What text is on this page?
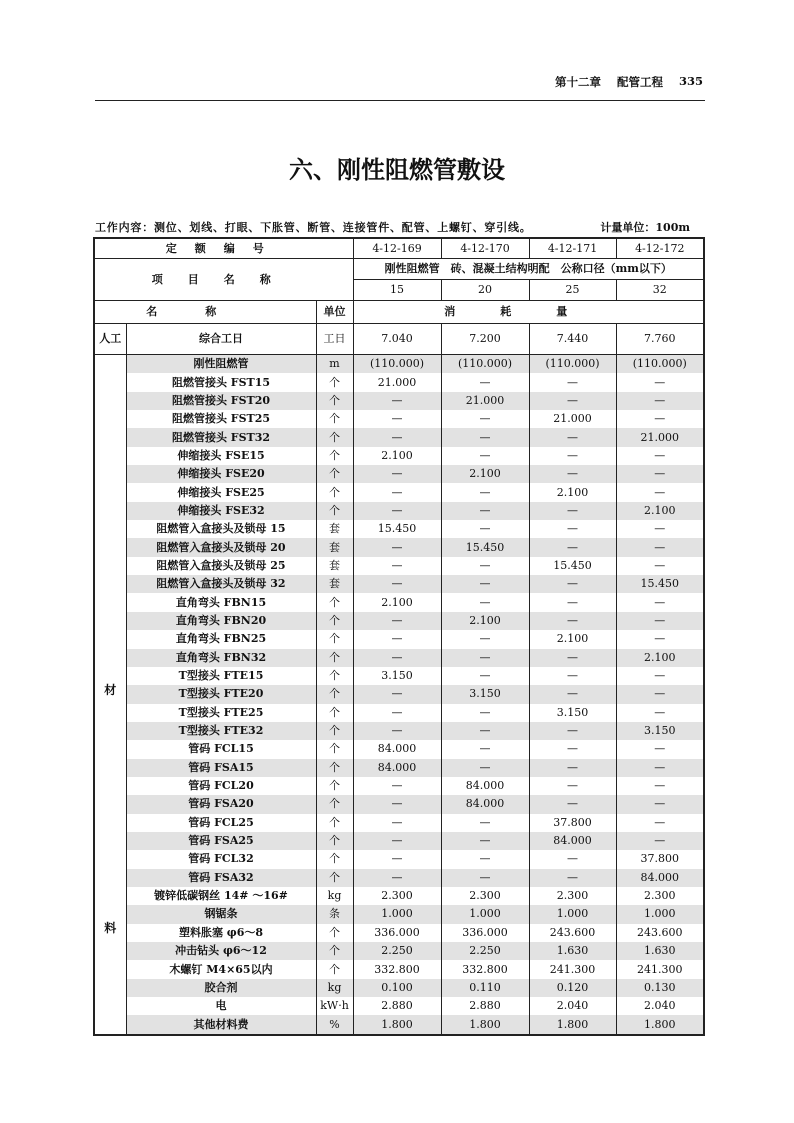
第十二章 配管工程 335
六、刚性阻燃管敷设
工作内容：测位、划线、打眼、下胀管、断管、连接管件、配管、上螺钉、穿引线。	计量单位：100m
定额编号			4-12-169	4-12-170	4-12-171	4-12-172
项目名称			刚性阻燃管　砖、混凝土结构明配　公称口径（mm以下）			
			15	20	25	32
名称		单位	消耗量			
人工	综合工日	工日	7.040	7.200	7.440	7.760

材
料	刚性阻燃管	m	(110.000)	(110.000)	(110.000)	(110.000)
	阻燃管接头 FST15	个	21.000	—	—	—
	阻燃管接头 FST20	个	—	21.000	—	—
	阻燃管接头 FST25	个	—	—	21.000	—
	阻燃管接头 FST32	个	—	—	—	21.000
	伸缩接头 FSE15	个	2.100	—	—	—
	伸缩接头 FSE20	个	—	2.100	—	—
	伸缩接头 FSE25	个	—	—	2.100	—
	伸缩接头 FSE32	个	—	—	—	2.100
	阻燃管入盒接头及锁母 15	套	15.450	—	—	—
	阻燃管入盒接头及锁母 20	套	—	15.450	—	—
	阻燃管入盒接头及锁母 25	套	—	—	15.450	—
	阻燃管入盒接头及锁母 32	套	—	—	—	15.450
	直角弯头 FBN15	个	2.100	—	—	—
	直角弯头 FBN20	个	—	2.100	—	—
	直角弯头 FBN25	个	—	—	2.100	—
	直角弯头 FBN32	个	—	—	—	2.100
	T型接头 FTE15	个	3.150	—	—	—
	T型接头 FTE20	个	—	3.150	—	—
	T型接头 FTE25	个	—	—	3.150	—
	T型接头 FTE32	个	—	—	—	3.150
	管码 FCL15	个	84.000	—	—	—
	管码 FSA15	个	84.000	—	—	—
	管码 FCL20	个	—	84.000	—	—
	管码 FSA20	个	—	84.000	—	—
	管码 FCL25	个	—	—	37.800	—
	管码 FSA25	个	—	—	84.000	—
	管码 FCL32	个	—	—	—	37.800
	管码 FSA32	个	—	—	—	84.000
	镀锌低碳钢丝 14# ～16#	kg	2.300	2.300	2.300	2.300
	钢锯条	条	1.000	1.000	1.000	1.000
	塑料胀塞 φ6～8	个	336.000	336.000	243.600	243.600
	冲击钻头 φ6～12	个	2.250	2.250	1.630	1.630
	木螺钉 M4×65以内	个	332.800	332.800	241.300	241.300
	胶合剂	kg	0.100	0.110	0.120	0.130
	电	kW·h	2.880	2.880	2.040	2.040
	其他材料费	%	1.800	1.800	1.800	1.800
